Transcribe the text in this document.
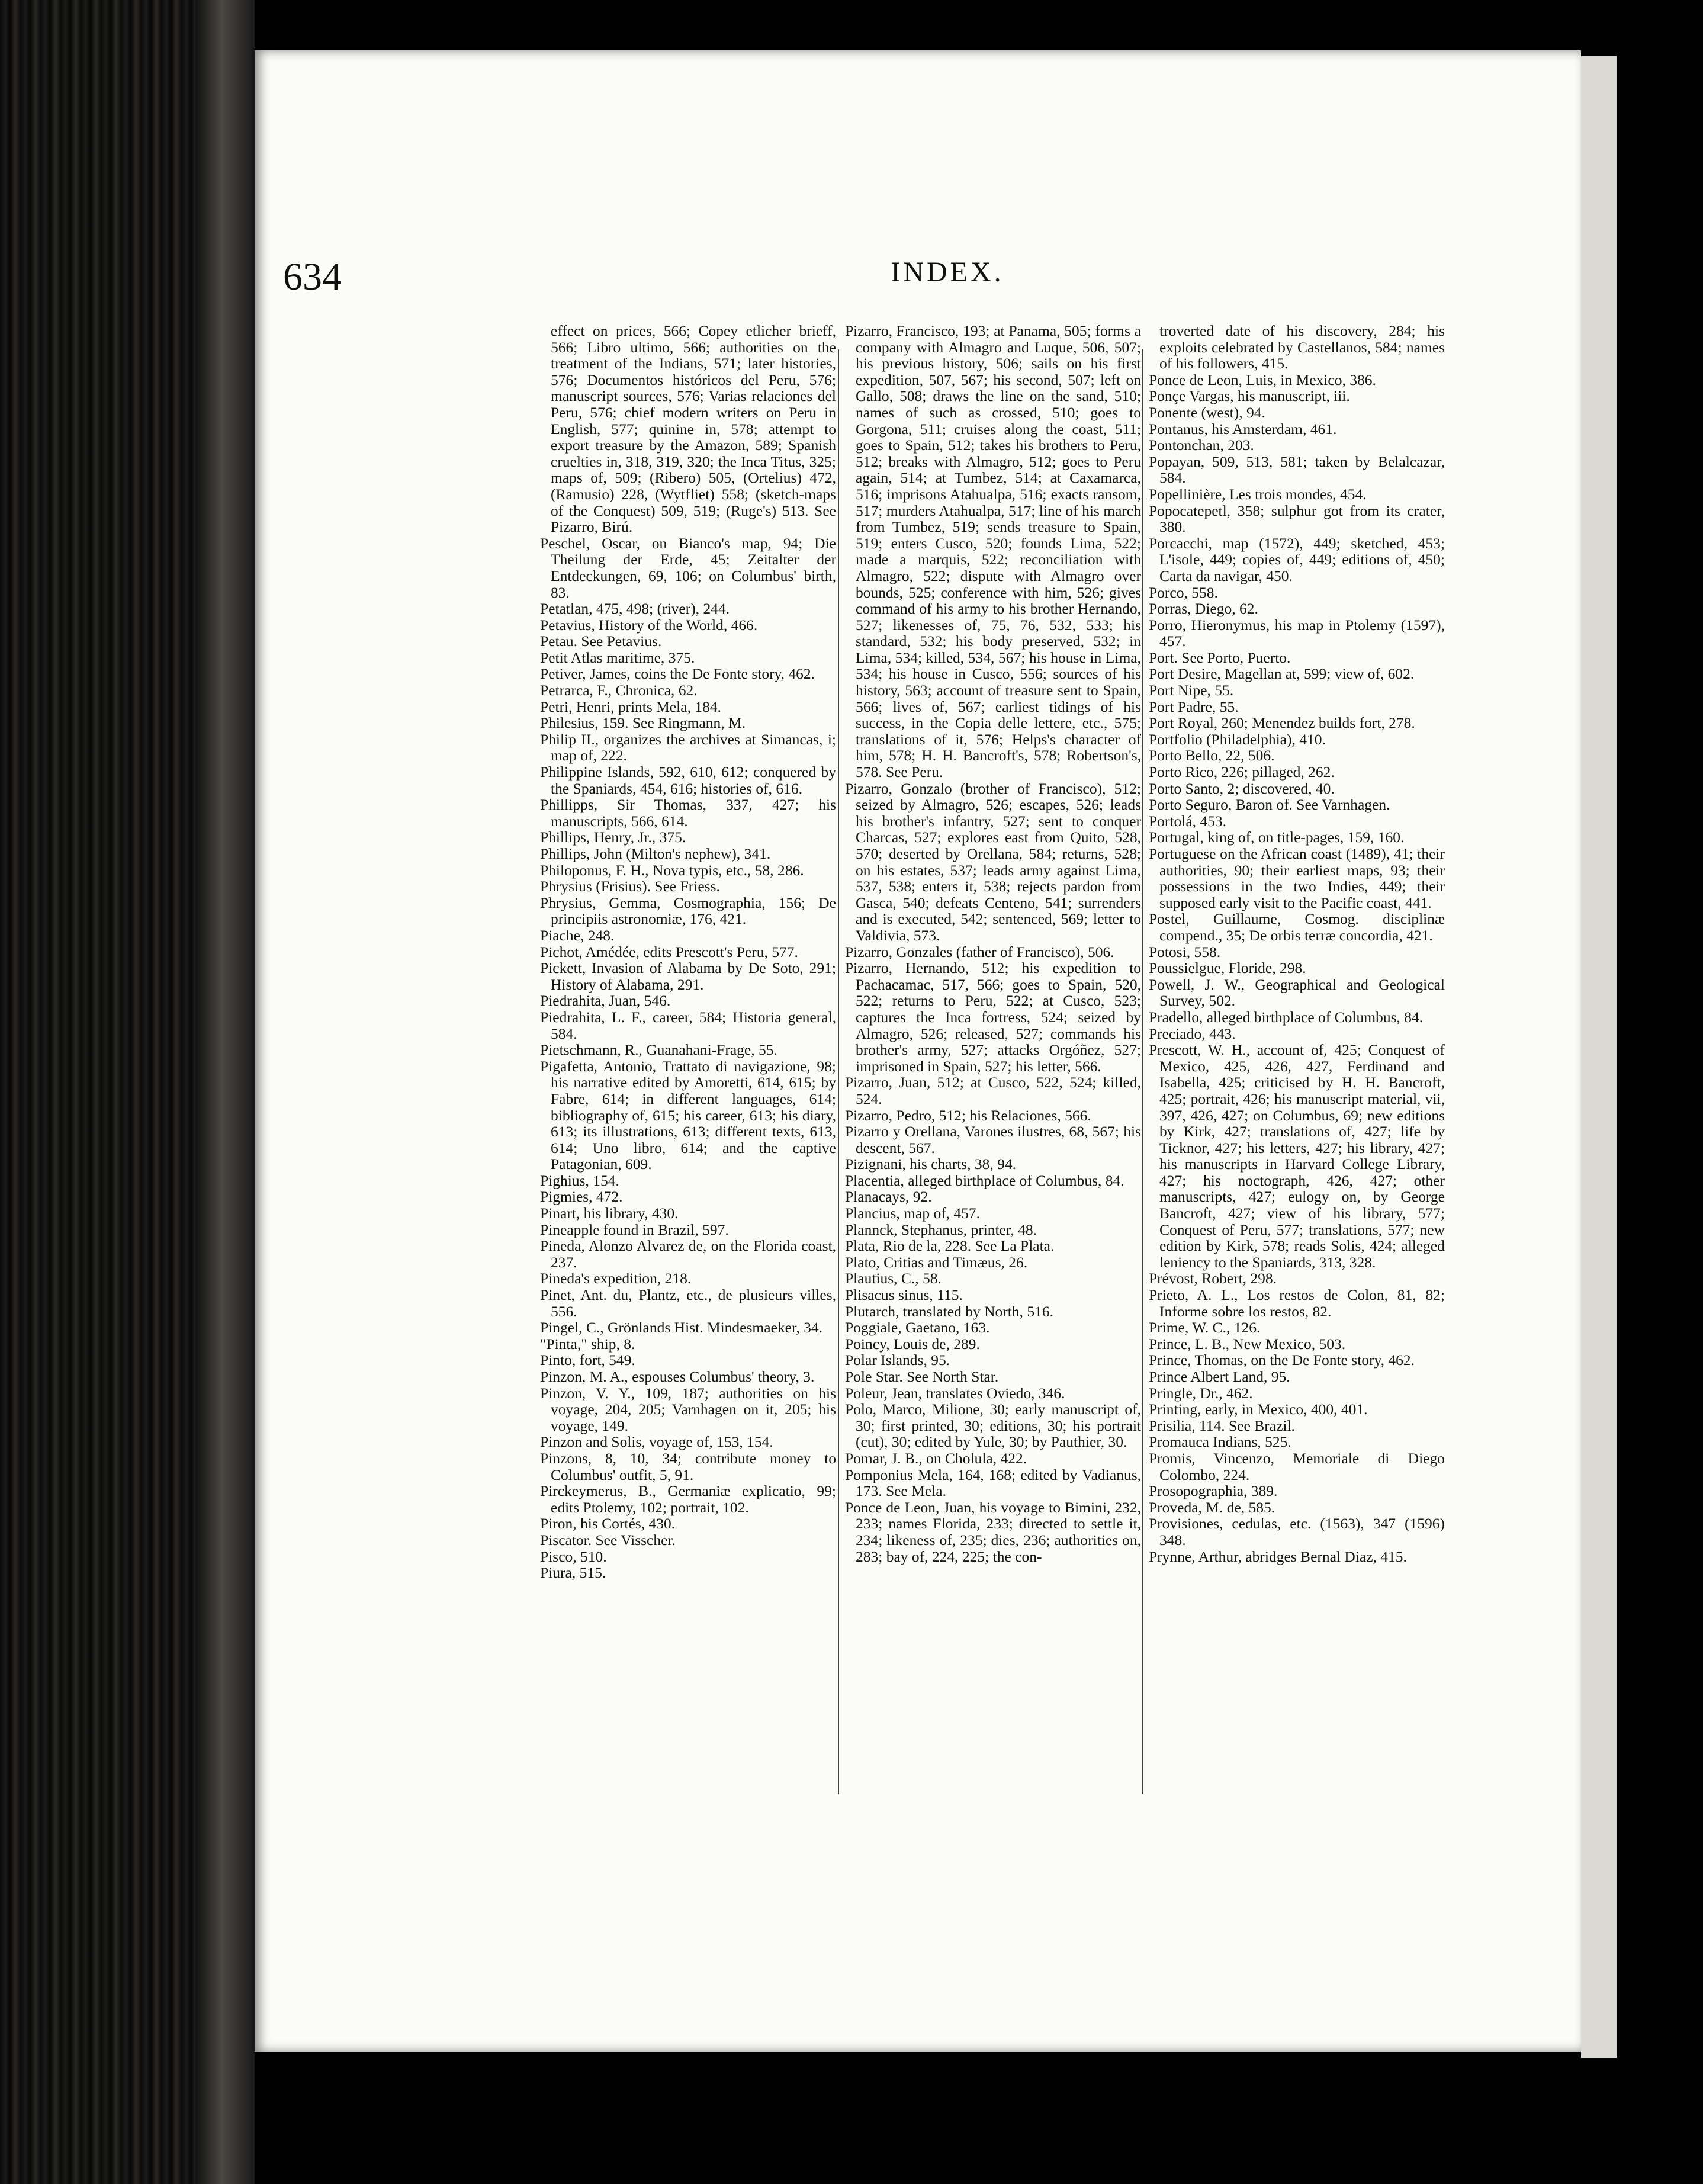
634	INDEX.

effect on prices, 566; Copey etlicher brieff, 566; Libro ultimo, 566; authorities on the treatment of the Indians, 571; later histories, 576; Documentos históricos del Peru, 576; manuscript sources, 576; Varias relaciones del Peru, 576; chief modern writers on Peru in English, 577; quinine in, 578; attempt to export treasure by the Amazon, 589; Spanish cruelties in, 318, 319, 320; the Inca Titus, 325; maps of, 509; (Ribero) 505, (Ortelius) 472, (Ramusio) 228, (Wytfliet) 558; (sketch-maps of the Conquest) 509, 519; (Ruge's) 513. See Pizarro, Birú.

Peschel, Oscar, on Bianco's map, 94; Die Theilung der Erde, 45; Zeitalter der Entdeckungen, 69, 106; on Columbus' birth, 83.

Petatlan, 475, 498; (river), 244.

Petavius, History of the World, 466.

Petau. See Petavius.

Petit Atlas maritime, 375.

Petiver, James, coins the De Fonte story, 462.

Petrarca, F., Chronica, 62.

Petri, Henri, prints Mela, 184.

Philesius, 159. See Ringmann, M.

Philip II., organizes the archives at Simancas, i; map of, 222.

Philippine Islands, 592, 610, 612; conquered by the Spaniards, 454, 616; histories of, 616.

Phillipps, Sir Thomas, 337, 427; his manuscripts, 566, 614.

Phillips, Henry, Jr., 375.

Phillips, John (Milton's nephew), 341.

Philoponus, F. H., Nova typis, etc., 58, 286.

Phrysius (Frisius). See Friess.

Phrysius, Gemma, Cosmographia, 156; De principiis astronomiæ, 176, 421.

Piache, 248.

Pichot, Amédée, edits Prescott's Peru, 577.

Pickett, Invasion of Alabama by De Soto, 291; History of Alabama, 291.

Piedrahita, Juan, 546.

Piedrahita, L. F., career, 584; Historia general, 584.

Pietschmann, R., Guanahani-Frage, 55.

Pigafetta, Antonio, Trattato di navigazione, 98; his narrative edited by Amoretti, 614, 615; by Fabre, 614; in different languages, 614; bibliography of, 615; his career, 613; his diary, 613; its illustrations, 613; different texts, 613, 614; Uno libro, 614; and the captive Patagonian, 609.

Pighius, 154.

Pigmies, 472.

Pinart, his library, 430.

Pineapple found in Brazil, 597.

Pineda, Alonzo Alvarez de, on the Florida coast, 237.

Pineda's expedition, 218.

Pinet, Ant. du, Plantz, etc., de plusieurs villes, 556.

Pingel, C., Grönlands Hist. Mindesmaeker, 34.

"Pinta," ship, 8.

Pinto, fort, 549.

Pinzon, M. A., espouses Columbus' theory, 3.

Pinzon, V. Y., 109, 187; authorities on his voyage, 204, 205; Varnhagen on it, 205; his voyage, 149.

Pinzon and Solis, voyage of, 153, 154.

Pinzons, 8, 10, 34; contribute money to Columbus' outfit, 5, 91.

Pirckeymerus, B., Germaniæ explicatio, 99; edits Ptolemy, 102; portrait, 102.

Piron, his Cortés, 430.

Piscator. See Visscher.

Pisco, 510.

Piura, 515.

Pizarro, Francisco, 193; at Panama, 505; forms a company with Almagro and Luque, 506, 507; his previous history, 506; sails on his first expedition, 507, 567; his second, 507; left on Gallo, 508; draws the line on the sand, 510; names of such as crossed, 510; goes to Gorgona, 511; cruises along the coast, 511; goes to Spain, 512; takes his brothers to Peru, 512; breaks with Almagro, 512; goes to Peru again, 514; at Tumbez, 514; at Caxamarca, 516; imprisons Atahualpa, 516; exacts ransom, 517; murders Atahualpa, 517; line of his march from Tumbez, 519; sends treasure to Spain, 519; enters Cusco, 520; founds Lima, 522; made a marquis, 522; reconciliation with Almagro, 522; dispute with Almagro over bounds, 525; conference with him, 526; gives command of his army to his brother Hernando, 527; likenesses of, 75, 76, 532, 533; his standard, 532; his body preserved, 532; in Lima, 534; killed, 534, 567; his house in Lima, 534; his house in Cusco, 556; sources of his history, 563; account of treasure sent to Spain, 566; lives of, 567; earliest tidings of his success, in the Copia delle lettere, etc., 575; translations of it, 576; Helps's character of him, 578; H. H. Bancroft's, 578; Robertson's, 578. See Peru.

Pizarro, Gonzalo (brother of Francisco), 512; seized by Almagro, 526; escapes, 526; leads his brother's infantry, 527; sent to conquer Charcas, 527; explores east from Quito, 528, 570; deserted by Orellana, 584; returns, 528; on his estates, 537; leads army against Lima, 537, 538; enters it, 538; rejects pardon from Gasca, 540; defeats Centeno, 541; surrenders and is executed, 542; sentenced, 569; letter to Valdivia, 573.

Pizarro, Gonzales (father of Francisco), 506.

Pizarro, Hernando, 512; his expedition to Pachacamac, 517, 566; goes to Spain, 520, 522; returns to Peru, 522; at Cusco, 523; captures the Inca fortress, 524; seized by Almagro, 526; released, 527; commands his brother's army, 527; attacks Orgóñez, 527; imprisoned in Spain, 527; his letter, 566.

Pizarro, Juan, 512; at Cusco, 522, 524; killed, 524.

Pizarro, Pedro, 512; his Relaciones, 566.

Pizarro y Orellana, Varones ilustres, 68, 567; his descent, 567.

Pizignani, his charts, 38, 94.

Placentia, alleged birthplace of Columbus, 84.

Planacays, 92.

Plancius, map of, 457.

Plannck, Stephanus, printer, 48.

Plata, Rio de la, 228. See La Plata.

Plato, Critias and Timæus, 26.

Plautius, C., 58.

Plisacus sinus, 115.

Plutarch, translated by North, 516.

Poggiale, Gaetano, 163.

Poincy, Louis de, 289.

Polar Islands, 95.

Pole Star. See North Star.

Poleur, Jean, translates Oviedo, 346.

Polo, Marco, Milione, 30; early manuscript of, 30; first printed, 30; editions, 30; his portrait (cut), 30; edited by Yule, 30; by Pauthier, 30.

Pomar, J. B., on Cholula, 422.

Pomponius Mela, 164, 168; edited by Vadianus, 173. See Mela.

Ponce de Leon, Juan, his voyage to Bimini, 232, 233; names Florida, 233; directed to settle it, 234; likeness of, 235; dies, 236; authorities on, 283; bay of, 224, 225; the con-

troverted date of his discovery, 284; his exploits celebrated by Castellanos, 584; names of his followers, 415.

Ponce de Leon, Luis, in Mexico, 386.

Ponçe Vargas, his manuscript, iii.

Ponente (west), 94.

Pontanus, his Amsterdam, 461.

Pontonchan, 203.

Popayan, 509, 513, 581; taken by Belalcazar, 584.

Popellinière, Les trois mondes, 454.

Popocatepetl, 358; sulphur got from its crater, 380.

Porcacchi, map (1572), 449; sketched, 453; L'isole, 449; copies of, 449; editions of, 450; Carta da navigar, 450.

Porco, 558.

Porras, Diego, 62.

Porro, Hieronymus, his map in Ptolemy (1597), 457.

Port. See Porto, Puerto.

Port Desire, Magellan at, 599; view of, 602.

Port Nipe, 55.

Port Padre, 55.

Port Royal, 260; Menendez builds fort, 278.

Portfolio (Philadelphia), 410.

Porto Bello, 22, 506.

Porto Rico, 226; pillaged, 262.

Porto Santo, 2; discovered, 40.

Porto Seguro, Baron of. See Varnhagen.

Portolá, 453.

Portugal, king of, on title-pages, 159, 160.

Portuguese on the African coast (1489), 41; their authorities, 90; their earliest maps, 93; their possessions in the two Indies, 449; their supposed early visit to the Pacific coast, 441.

Postel, Guillaume, Cosmog. disciplinæ compend., 35; De orbis terræ concordia, 421.

Potosi, 558.

Poussielgue, Floride, 298.

Powell, J. W., Geographical and Geological Survey, 502.

Pradello, alleged birthplace of Columbus, 84.

Preciado, 443.

Prescott, W. H., account of, 425; Conquest of Mexico, 425, 426, 427, Ferdinand and Isabella, 425; criticised by H. H. Bancroft, 425; portrait, 426; his manuscript material, vii, 397, 426, 427; on Columbus, 69; new editions by Kirk, 427; translations of, 427; life by Ticknor, 427; his letters, 427; his library, 427; his manuscripts in Harvard College Library, 427; his noctograph, 426, 427; other manuscripts, 427; eulogy on, by George Bancroft, 427; view of his library, 577; Conquest of Peru, 577; translations, 577; new edition by Kirk, 578; reads Solis, 424; alleged leniency to the Spaniards, 313, 328.

Prévost, Robert, 298.

Prieto, A. L., Los restos de Colon, 81, 82; Informe sobre los restos, 82.

Prime, W. C., 126.

Prince, L. B., New Mexico, 503.

Prince, Thomas, on the De Fonte story, 462.

Prince Albert Land, 95.

Pringle, Dr., 462.

Printing, early, in Mexico, 400, 401.

Prisilia, 114. See Brazil.

Promauca Indians, 525.

Promis, Vincenzo, Memoriale di Diego Colombo, 224.

Prosopographia, 389.

Proveda, M. de, 585.

Provisiones, cedulas, etc. (1563), 347 (1596) 348.

Prynne, Arthur, abridges Bernal Diaz, 415.
